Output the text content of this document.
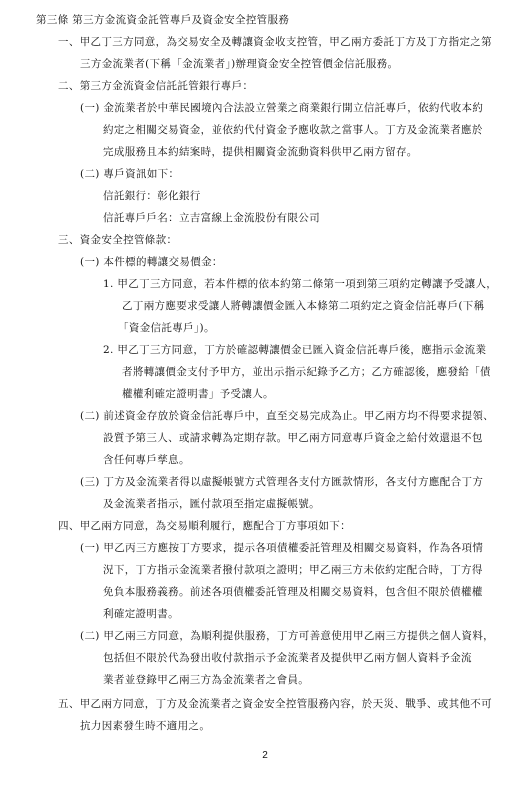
第三條 第三方金流資金託管專戶及資金安全控管服務
一、甲乙丁三方同意，為交易安全及轉讓資金收支控管，甲乙兩方委託丁方及丁方指定之第
三方金流業者(下稱「金流業者」)辦理資金安全控管價金信託服務。
二、第三方金流資金信託託管銀行專戶：
(一) 金流業者於中華民國境內合法設立營業之商業銀行開立信託專戶，依約代收本約
約定之相關交易資金，並依約代付資金予應收款之當事人。丁方及金流業者應於
完成服務且本約結案時，提供相關資金流動資料供甲乙兩方留存。
(二) 專戶資訊如下：
信託銀行：彰化銀行
信託專戶戶名：立吉富線上金流股份有限公司
三、資金安全控管條款：
(一) 本件標的轉讓交易價金：
1. 甲乙丁三方同意，若本件標的依本約第二條第一項到第三項約定轉讓予受讓人，
乙丁兩方應要求受讓人將轉讓價金匯入本條第二項約定之資金信託專戶(下稱
「資金信託專戶」)。
2. 甲乙丁三方同意，丁方於確認轉讓價金已匯入資金信託專戶後，應指示金流業
者將轉讓價金支付予甲方，並出示指示紀錄予乙方；乙方確認後，應發給「債
權權利確定證明書」予受讓人。
(二) 前述資金存放於資金信託專戶中，直至交易完成為止。甲乙兩方均不得要求提領、
設質予第三人、或請求轉為定期存款。甲乙兩方同意專戶資金之給付效還退不包
含任何專戶孳息。
(三) 丁方及金流業者得以虛擬帳號方式管理各支付方匯款情形，各支付方應配合丁方
及金流業者指示，匯付款項至指定虛擬帳號。
四、甲乙兩方同意，為交易順利履行，應配合丁方事項如下：
(一) 甲乙丙三方應按丁方要求，提示各項債權委託管理及相關交易資料，作為各項情
況下，丁方指示金流業者撥付款項之證明；甲乙兩三方未依約定配合時，丁方得
免負本服務義務。前述各項債權委託管理及相關交易資料，包含但不限於債權權
利確定證明書。
(二) 甲乙兩三方同意，為順利提供服務，丁方可善意使用甲乙兩三方提供之個人資料，
包括但不限於代為發出收付款指示予金流業者及提供甲乙兩方個人資料予金流
業者並登錄甲乙兩三方為金流業者之會員。
五、甲乙兩方同意，丁方及金流業者之資金安全控管服務內容，於天災、戰爭、或其他不可
抗力因素發生時不適用之。
2
